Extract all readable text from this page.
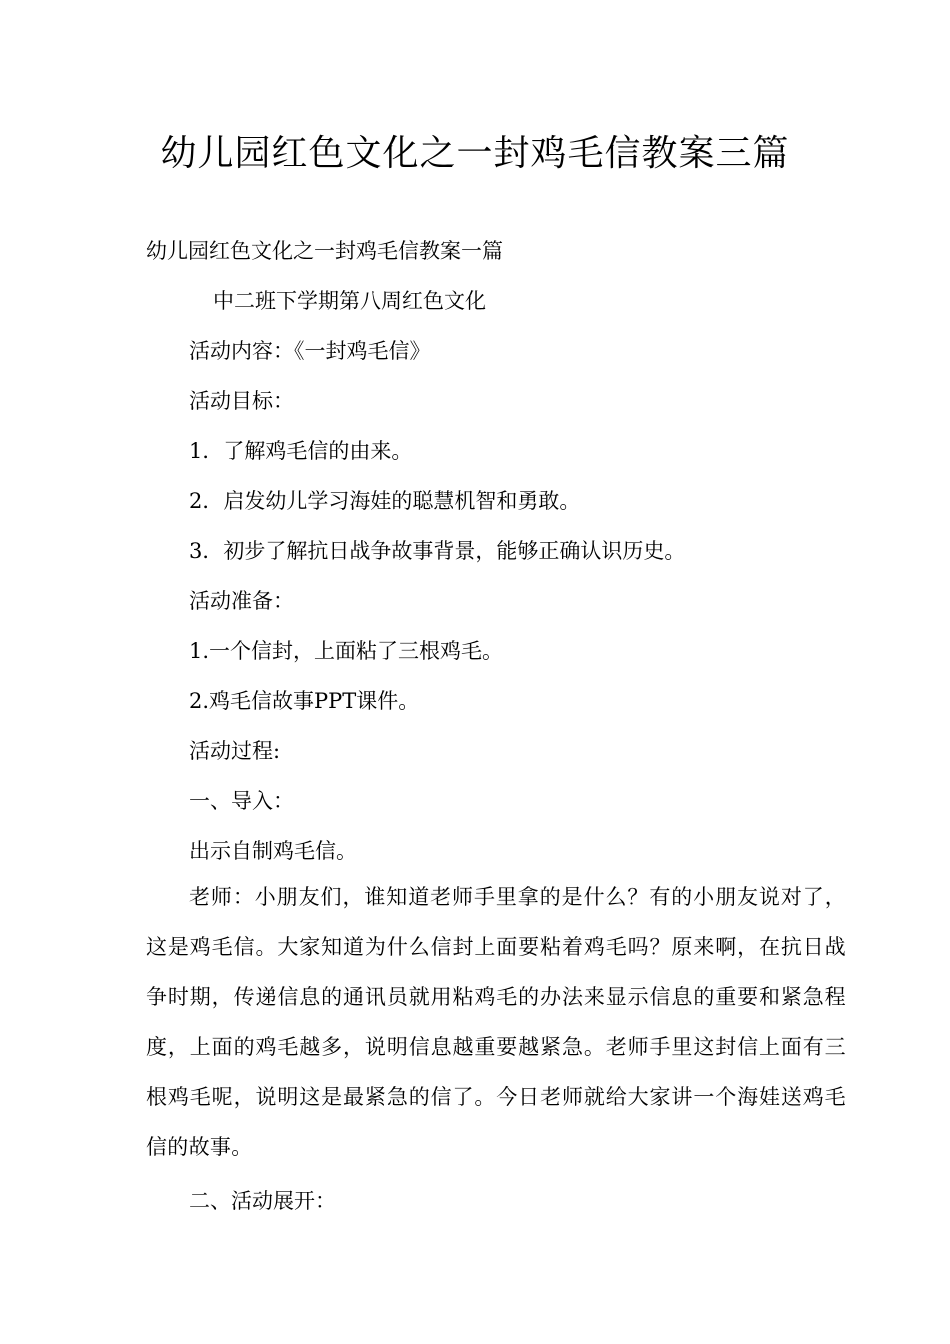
幼儿园红色文化之一封鸡毛信教案三篇

幼儿园红色文化之一封鸡毛信教案一篇

中二班下学期第八周红色文化

活动内容：《一封鸡毛信》

活动目标：

1．了解鸡毛信的由来。

2．启发幼儿学习海娃的聪慧机智和勇敢。

3．初步了解抗日战争故事背景，能够正确认识历史。

活动准备：

1.一个信封，上面粘了三根鸡毛。

2.鸡毛信故事PPT课件。

活动过程:

一、导入：

出示自制鸡毛信。

老师：小朋友们，谁知道老师手里拿的是什么？有的小朋友说对了，这是鸡毛信。大家知道为什么信封上面要粘着鸡毛吗？原来啊，在抗日战争时期，传递信息的通讯员就用粘鸡毛的办法来显示信息的重要和紧急程度，上面的鸡毛越多，说明信息越重要越紧急。老师手里这封信上面有三根鸡毛呢，说明这是最紧急的信了。今日老师就给大家讲一个海娃送鸡毛信的故事。

二、活动展开：
